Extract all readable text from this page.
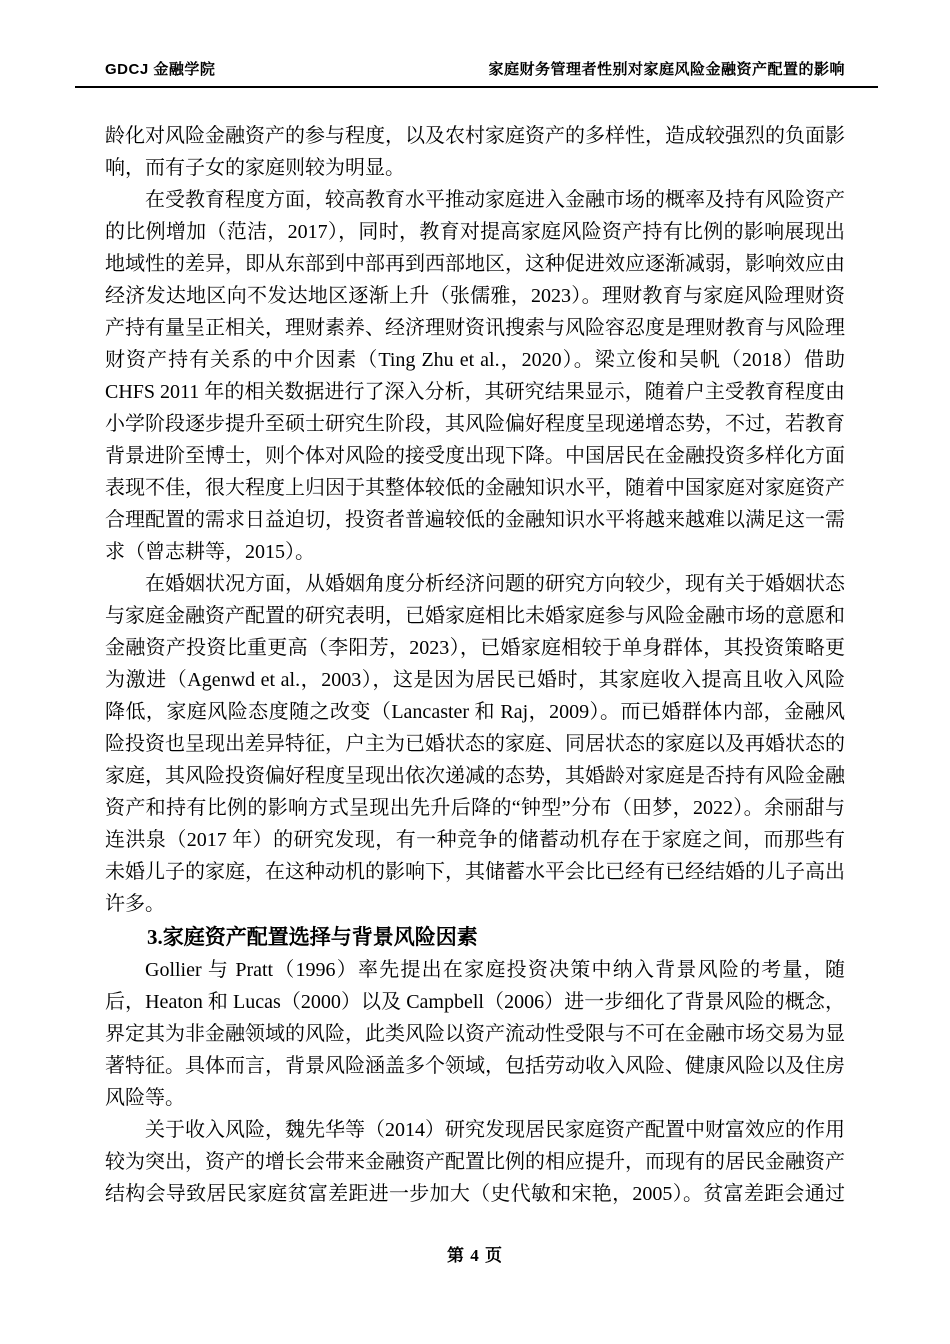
GDCJ 金融学院	家庭财务管理者性别对家庭风险金融资产配置的影响

龄化对风险金融资产的参与程度，以及农村家庭资产的多样性，造成较强烈的负面影响，而有子女的家庭则较为明显。

在受教育程度方面，较高教育水平推动家庭进入金融市场的概率及持有风险资产的比例增加（范洁，2017），同时，教育对提高家庭风险资产持有比例的影响展现出地域性的差异，即从东部到中部再到西部地区，这种促进效应逐渐减弱，影响效应由经济发达地区向不发达地区逐渐上升（张儒雅，2023）。理财教育与家庭风险理财资产持有量呈正相关，理财素养、经济理财资讯搜索与风险容忍度是理财教育与风险理财资产持有关系的中介因素（Ting Zhu et al.，2020）。梁立俊和吴帆（2018）借助 CHFS 2011 年的相关数据进行了深入分析，其研究结果显示，随着户主受教育程度由小学阶段逐步提升至硕士研究生阶段，其风险偏好程度呈现递增态势，不过，若教育背景进阶至博士，则个体对风险的接受度出现下降。中国居民在金融投资多样化方面表现不佳，很大程度上归因于其整体较低的金融知识水平，随着中国家庭对家庭资产合理配置的需求日益迫切，投资者普遍较低的金融知识水平将越来越难以满足这一需求（曾志耕等，2015）。

在婚姻状况方面，从婚姻角度分析经济问题的研究方向较少，现有关于婚姻状态与家庭金融资产配置的研究表明，已婚家庭相比未婚家庭参与风险金融市场的意愿和金融资产投资比重更高（李阳芳，2023），已婚家庭相较于单身群体，其投资策略更为激进（Agenwd et al.，2003），这是因为居民已婚时，其家庭收入提高且收入风险降低，家庭风险态度随之改变（Lancaster 和 Raj，2009）。而已婚群体内部，金融风险投资也呈现出差异特征，户主为已婚状态的家庭、同居状态的家庭以及再婚状态的家庭，其风险投资偏好程度呈现出依次递减的态势，其婚龄对家庭是否持有风险金融资产和持有比例的影响方式呈现出先升后降的“钟型”分布（田梦，2022）。余丽甜与连洪泉（2017 年）的研究发现，有一种竞争的储蓄动机存在于家庭之间，而那些有未婚儿子的家庭，在这种动机的影响下，其储蓄水平会比已经有已经结婚的儿子高出许多。

3.家庭资产配置选择与背景风险因素

Gollier 与 Pratt（1996）率先提出在家庭投资决策中纳入背景风险的考量，随后，Heaton 和 Lucas（2000）以及 Campbell（2006）进一步细化了背景风险的概念，界定其为非金融领域的风险，此类风险以资产流动性受限与不可在金融市场交易为显著特征。具体而言，背景风险涵盖多个领域，包括劳动收入风险、健康风险以及住房风险等。

关于收入风险，魏先华等（2014）研究发现居民家庭资产配置中财富效应的作用较为突出，资产的增长会带来金融资产配置比例的相应提升，而现有的居民金融资产结构会导致居民家庭贫富差距进一步加大（史代敏和宋艳，2005）。贫富差距会通过

第 4 页
